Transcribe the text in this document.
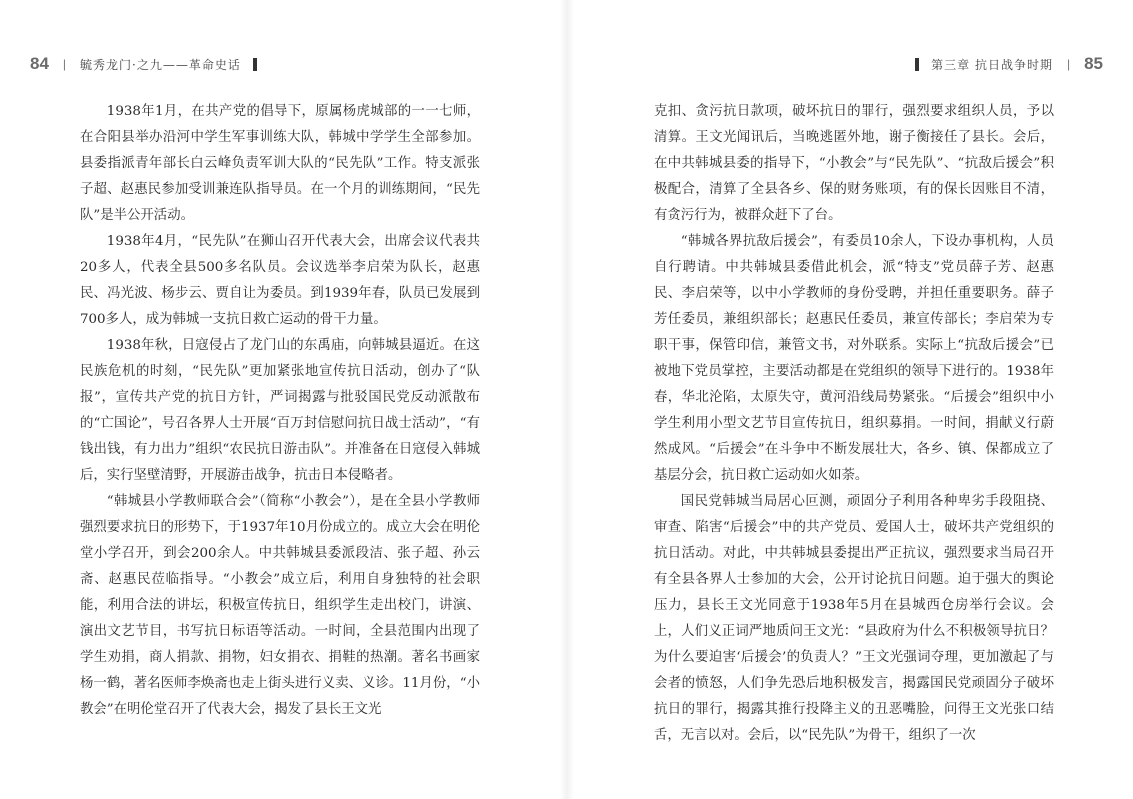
84 | 毓秀龙门·之九——革命史话	第三章 抗日战争时期 | 85

1938年1月，在共产党的倡导下，原属杨虎城部的一一七师，在合阳县举办沿河中学生军事训练大队，韩城中学学生全部参加。县委指派青年部长白云峰负责军训大队的“民先队”工作。特支派张子超、赵惠民参加受训兼连队指导员。在一个月的训练期间，“民先队”是半公开活动。

1938年4月，“民先队”在狮山召开代表大会，出席会议代表共20多人，代表全县500多名队员。会议选举李启荣为队长，赵惠民、冯光波、杨步云、贾自让为委员。到1939年春，队员已发展到700多人，成为韩城一支抗日救亡运动的骨干力量。

1938年秋，日寇侵占了龙门山的东禹庙，向韩城县逼近。在这民族危机的时刻，“民先队”更加紧张地宣传抗日活动，创办了“队报”，宣传共产党的抗日方针，严词揭露与批驳国民党反动派散布的“亡国论”，号召各界人士开展“百万封信慰问抗日战士活动”，“有钱出钱，有力出力”组织“农民抗日游击队”。并准备在日寇侵入韩城后，实行坚壁清野，开展游击战争，抗击日本侵略者。

“韩城县小学教师联合会”（简称“小教会”），是在全县小学教师强烈要求抗日的形势下，于1937年10月份成立的。成立大会在明伦堂小学召开，到会200余人。中共韩城县委派段洁、张子超、孙云斋、赵惠民莅临指导。“小教会”成立后，利用自身独特的社会职能，利用合法的讲坛，积极宣传抗日，组织学生走出校门，讲演、演出文艺节目，书写抗日标语等活动。一时间，全县范围内出现了学生劝捐，商人捐款、捐物，妇女捐衣、捐鞋的热潮。著名书画家杨一鹤，著名医师李焕斋也走上街头进行义卖、义诊。11月份，“小教会”在明伦堂召开了代表大会，揭发了县长王文光

克扣、贪污抗日款项，破坏抗日的罪行，强烈要求组织人员，予以清算。王文光闻讯后，当晚逃匿外地，谢子衡接任了县长。会后，在中共韩城县委的指导下，“小教会”与“民先队”、“抗敌后援会”积极配合，清算了全县各乡、保的财务账项，有的保长因账目不清，有贪污行为，被群众赶下了台。

“韩城各界抗敌后援会”，有委员10余人，下设办事机构，人员自行聘请。中共韩城县委借此机会，派“特支”党员薛子芳、赵惠民、李启荣等，以中小学教师的身份受聘，并担任重要职务。薛子芳任委员，兼组织部长；赵惠民任委员，兼宣传部长；李启荣为专职干事，保管印信，兼管文书，对外联系。实际上“抗敌后援会”已被地下党员掌控，主要活动都是在党组织的领导下进行的。1938年春，华北沦陷，太原失守，黄河沿线局势紧张。“后援会”组织中小学生利用小型文艺节目宣传抗日，组织募捐。一时间，捐献义行蔚然成风。“后援会”在斗争中不断发展壮大，各乡、镇、保都成立了基层分会，抗日救亡运动如火如荼。

国民党韩城当局居心叵测，顽固分子利用各种卑劣手段阻挠、审查、陷害“后援会”中的共产党员、爱国人士，破坏共产党组织的抗日活动。对此，中共韩城县委提出严正抗议，强烈要求当局召开有全县各界人士参加的大会，公开讨论抗日问题。迫于强大的舆论压力，县长王文光同意于1938年5月在县城西仓房举行会议。会上，人们义正词严地质问王文光：“县政府为什么不积极领导抗日？为什么要迫害‘后援会’的负责人？”王文光强词夺理，更加激起了与会者的愤怒，人们争先恐后地积极发言，揭露国民党顽固分子破坏抗日的罪行，揭露其推行投降主义的丑恶嘴脸，问得王文光张口结舌，无言以对。会后，以“民先队”为骨干，组织了一次
